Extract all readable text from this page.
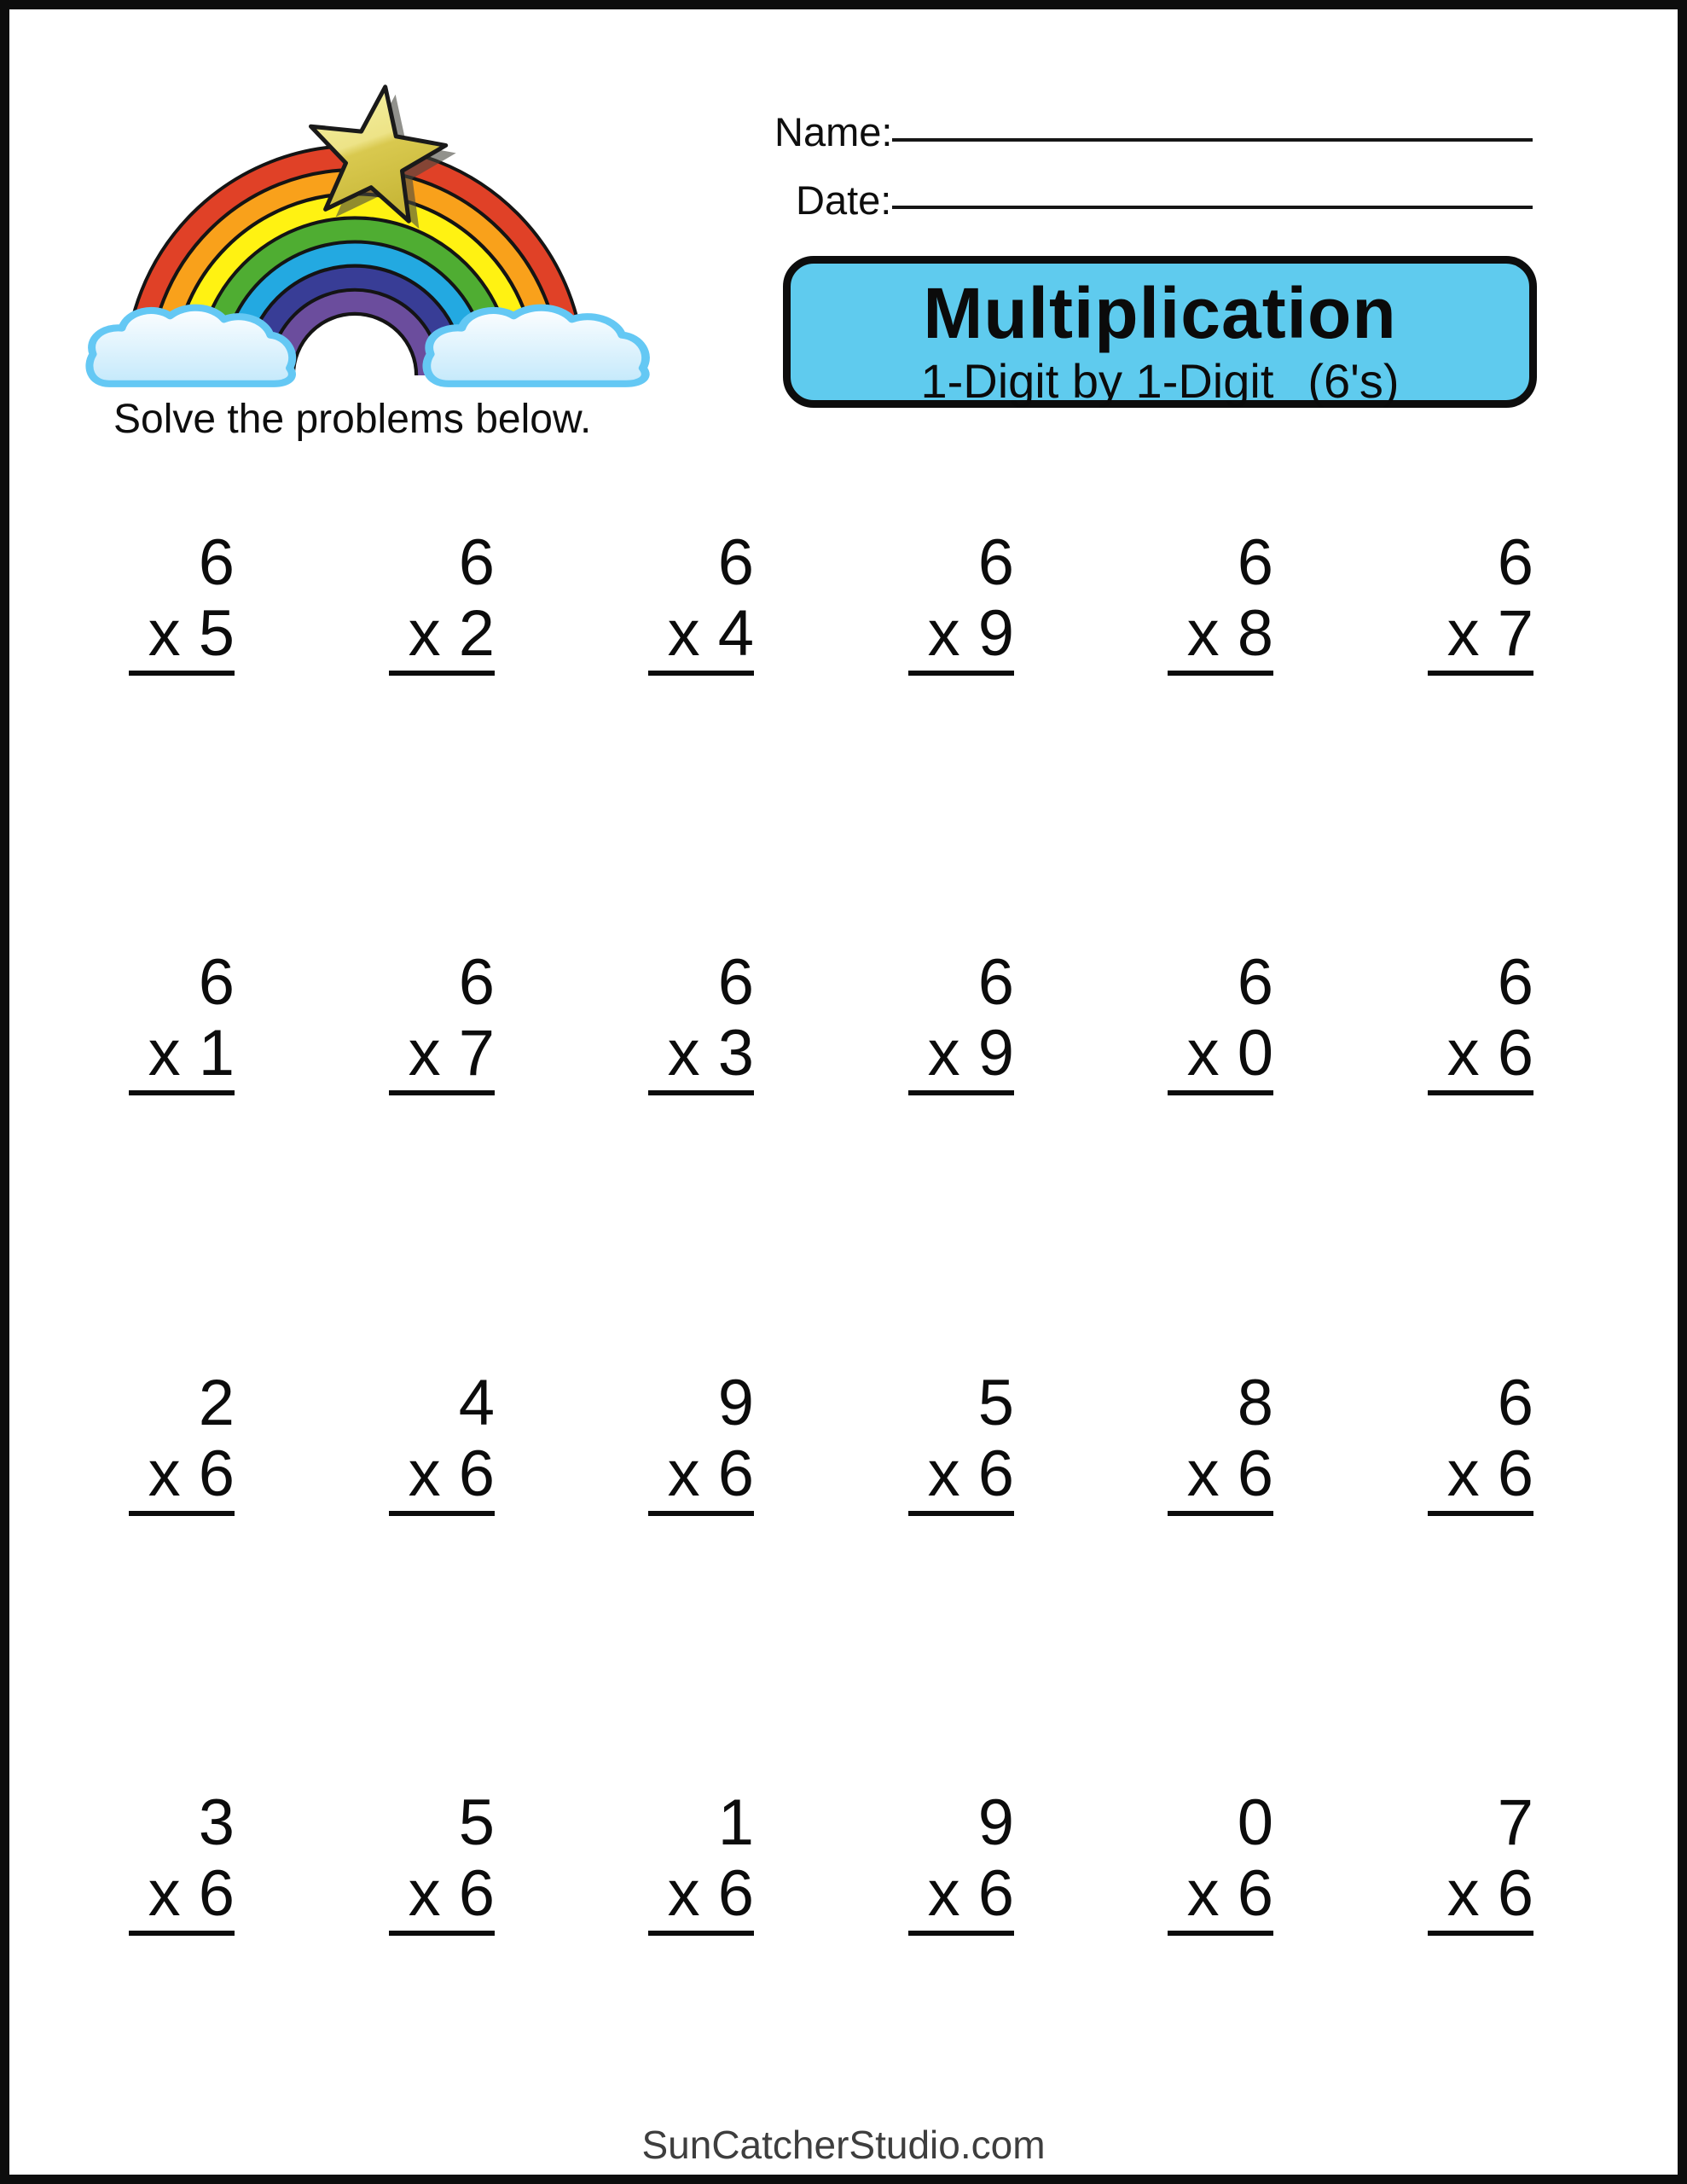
Solve the problems below.
Name:
Date:
Multiplication
1-Digit by 1-Digit (6's)
6
x 5
6
x 2
6
x 4
6
x 9
6
x 8
6
x 7
6
x 1
6
x 7
6
x 3
6
x 9
6
x 0
6
x 6
2
x 6
4
x 6
9
x 6
5
x 6
8
x 6
6
x 6
3
x 6
5
x 6
1
x 6
9
x 6
0
x 6
7
x 6
SunCatcherStudio.com
